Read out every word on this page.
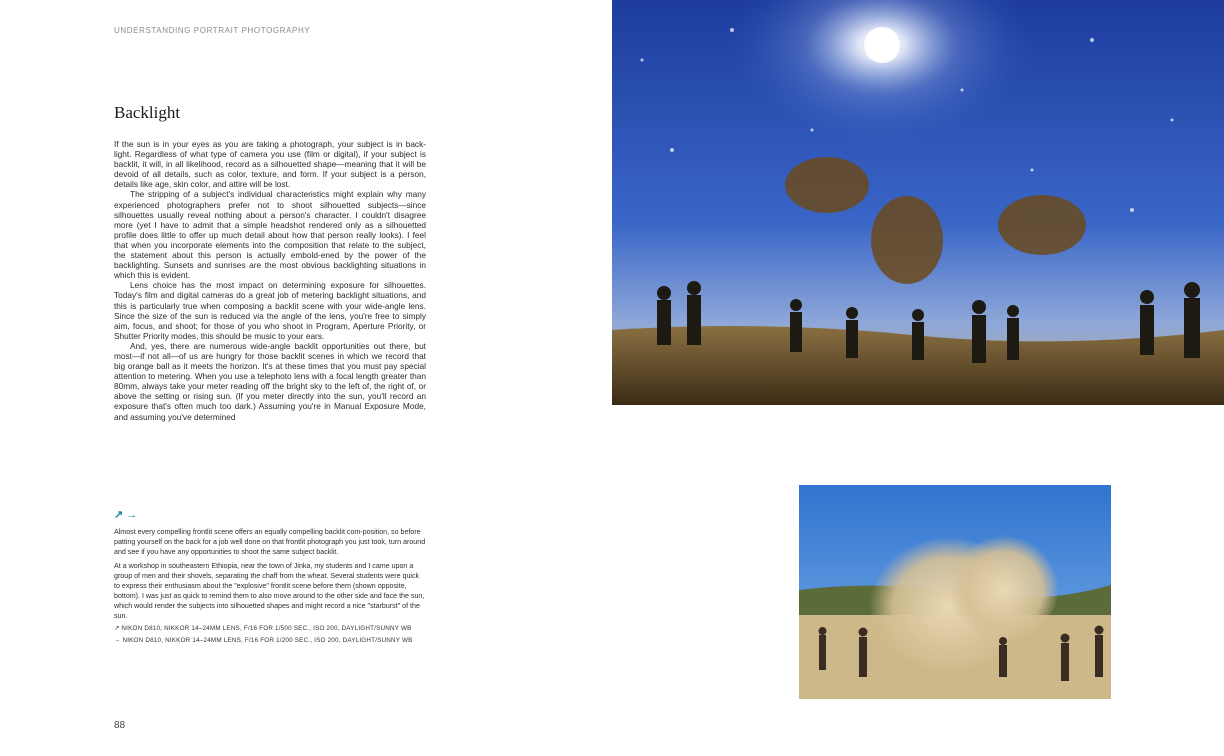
UNDERSTANDING PORTRAIT PHOTOGRAPHY
Backlight

If the sun is in your eyes as you are taking a photograph, your subject is in back-light. Regardless of what type of camera you use (film or digital), if your subject is backlit, it will, in all likelihood, record as a silhouetted shape—meaning that it will be devoid of all details, such as color, texture, and form. If your subject is a person, details like age, skin color, and attire will be lost.

The stripping of a subject's individual characteristics might explain why many experienced photographers prefer not to shoot silhouetted subjects—since silhouettes usually reveal nothing about a person's character. I couldn't disagree more (yet I have to admit that a simple headshot rendered only as a silhouetted profile does little to offer up much detail about how that person really looks). I feel that when you incorporate elements into the composition that relate to the subject, the statement about this person is actually embold-ened by the power of the backlighting. Sunsets and sunrises are the most obvious backlighting situations in which this is evident.

Lens choice has the most impact on determining exposure for silhouettes. Today's film and digital cameras do a great job of metering backlight situations, and this is particularly true when composing a backlit scene with your wide-angle lens. Since the size of the sun is reduced via the angle of the lens, you're free to simply aim, focus, and shoot; for those of you who shoot in Program, Aperture Priority, or Shutter Priority modes, this should be music to your ears.

And, yes, there are numerous wide-angle backlit opportunities out there, but most—if not all—of us are hungry for those backlit scenes in which we record that big orange ball as it meets the horizon. It's at these times that you must pay special attention to metering. When you use a telephoto lens with a focal length greater than 80mm, always take your meter reading off the bright sky to the left of, the right of, or above the setting or rising sun. (If you meter directly into the sun, you'll record an exposure that's often much too dark.) Assuming you're in Manual Exposure Mode, and assuming you've determined

↗ →

Almost every compelling frontlit scene offers an equally compelling backlit com-position, so before patting yourself on the back for a job well done on that frontlit photograph you just took, turn around and see if you have any opportunities to shoot the same subject backlit.

At a workshop in southeastern Ethiopia, near the town of Jinka, my students and I came upon a group of men and their shovels, separating the chaff from the wheat. Several students were quick to express their enthusiasm about the "explosive" frontlit scene before them (shown opposite, bottom). I was just as quick to remind them to also move around to the other side and face the sun, which would render the subjects into silhouetted shapes and might record a nice "starburst" of the sun.

↗ NIKON D810, NIKKOR 14–24MM LENS, F/16 FOR 1/500 SEC., ISO 200, DAYLIGHT/SUNNY WB
→ NIKON D810, NIKKOR 14–24MM LENS, F/16 FOR 1/200 SEC., ISO 200, DAYLIGHT/SUNNY WB
88
